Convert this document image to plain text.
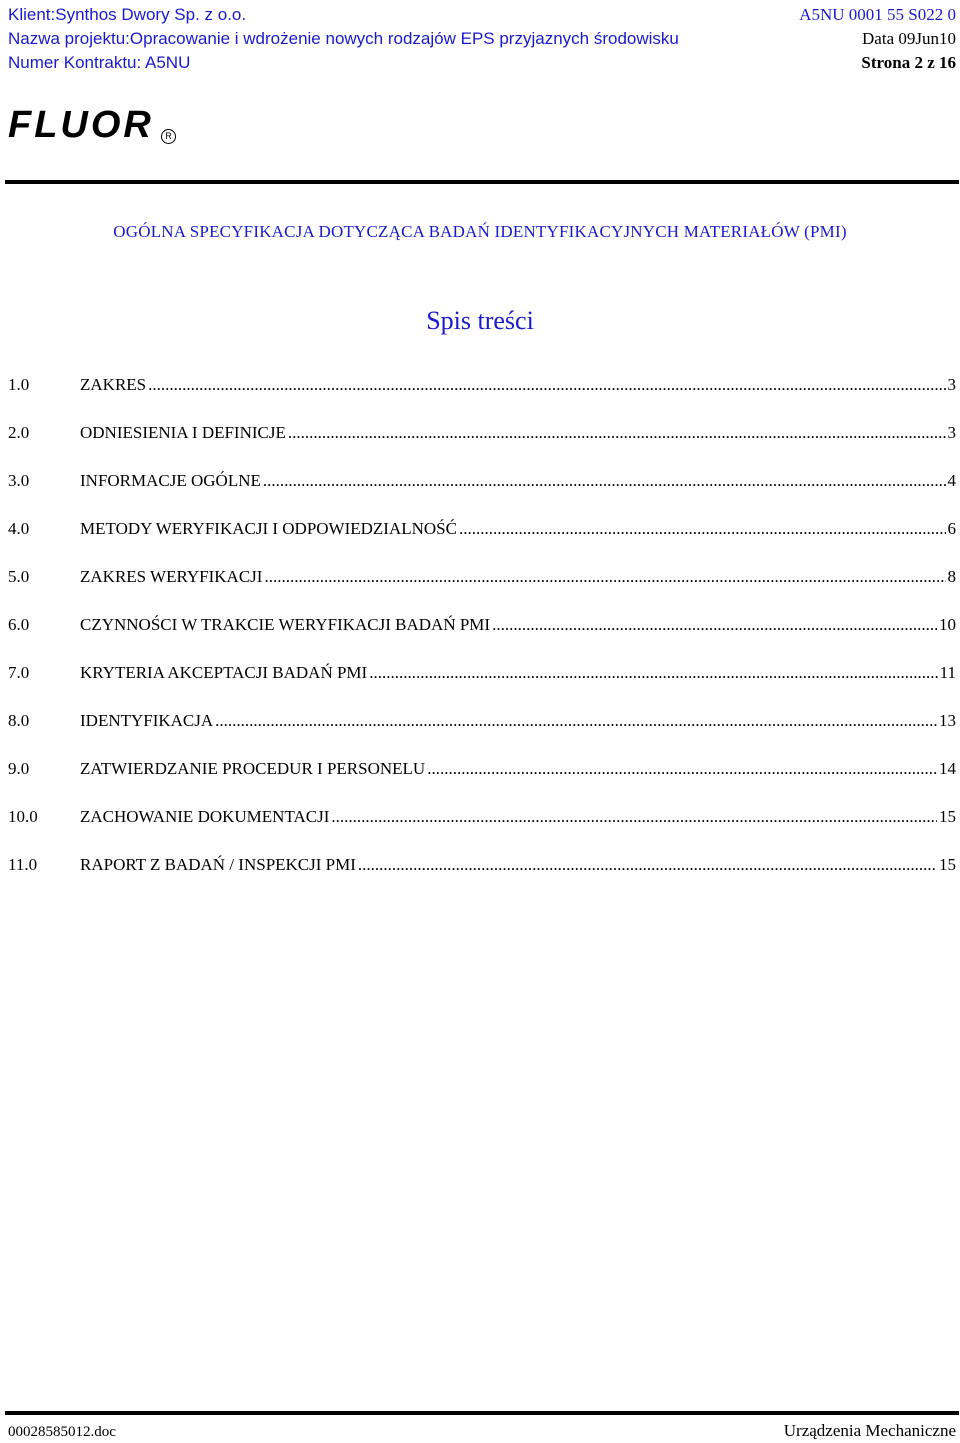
Klient:Synthos Dwory Sp. z o.o.	A5NU 0001 55 S022 0
Nazwa projektu:Opracowanie i wdrożenie nowych rodzajów EPS przyjaznych środowisku	Data 09Jun10
Numer Kontraktu: A5NU	Strona 2 z 16
FLUOR	R
OGÓLNA SPECYFIKACJA DOTYCZĄCA BADAŃ IDENTYFIKACYJNYCH MATERIAŁÓW (PMI)
Spis treści
1.0	ZAKRES .....	3
2.0	ODNIESIENIA I DEFINICJE .....	3
3.0	INFORMACJE OGÓLNE .....	4
4.0	METODY WERYFIKACJI I ODPOWIEDZIALNOŚĆ .....	6
5.0	ZAKRES WERYFIKACJI .....	8
6.0	CZYNNOŚCI W TRAKCIE WERYFIKACJI BADAŃ PMI .....	10
7.0	KRYTERIA AKCEPTACJI BADAŃ PMI .....	11
8.0	IDENTYFIKACJA .....	13
9.0	ZATWIERDZANIE PROCEDUR I PERSONELU .....	14
10.0	ZACHOWANIE DOKUMENTACJI .....	15
11.0	RAPORT Z BADAŃ / INSPEKCJI PMI .....	15
00028585012.doc	Urządzenia Mechaniczne
